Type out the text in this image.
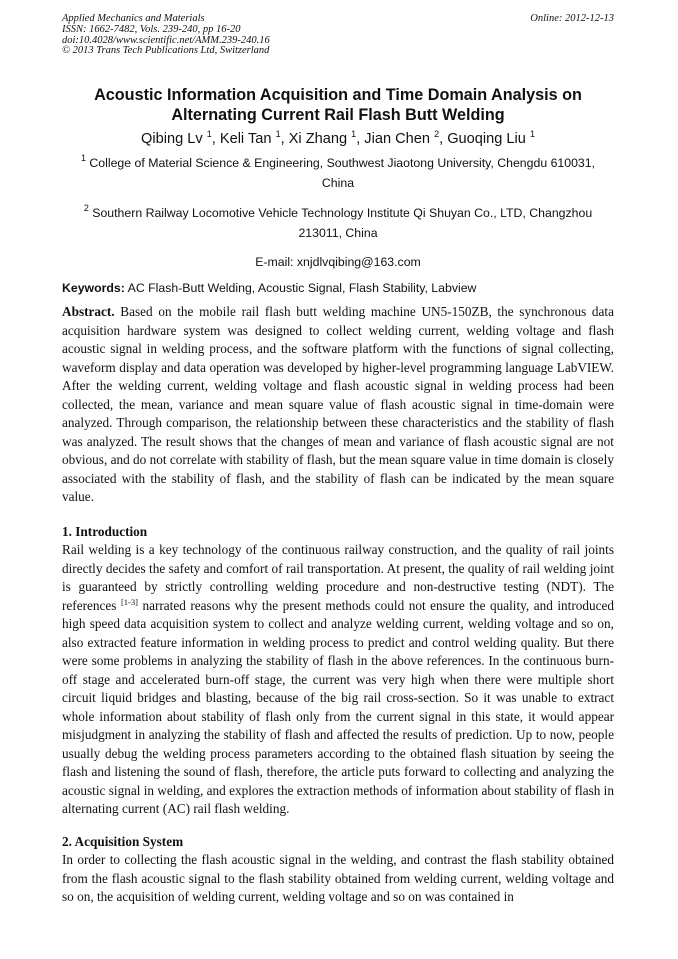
Applied Mechanics and Materials
ISSN: 1662-7482, Vols. 239-240, pp 16-20
doi:10.4028/www.scientific.net/AMM.239-240.16
© 2013 Trans Tech Publications Ltd, Switzerland
Online: 2012-12-13
Acoustic Information Acquisition and Time Domain Analysis on Alternating Current Rail Flash Butt Welding
Qibing Lv $^1$, Keli Tan $^1$, Xi Zhang $^1$, Jian Chen $^2$, Guoqing Liu $^1$
$^1$ College of Material Science & Engineering, Southwest Jiaotong University, Chengdu 610031, China
$^2$ Southern Railway Locomotive Vehicle Technology Institute Qi Shuyan Co., LTD, Changzhou 213011, China
E-mail: xnjdlvqibing@163.com
Keywords: AC Flash-Butt Welding, Acoustic Signal, Flash Stability, Labview
Abstract. Based on the mobile rail flash butt welding machine UN5-150ZB, the synchronous data acquisition hardware system was designed to collect welding current, welding voltage and flash acoustic signal in welding process, and the software platform with the functions of signal collecting, waveform display and data operation was developed by higher-level programming language LabVIEW. After the welding current, welding voltage and flash acoustic signal in welding process had been collected, the mean, variance and mean square value of flash acoustic signal in time-domain were analyzed. Through comparison, the relationship between these characteristics and the stability of flash was analyzed. The result shows that the changes of mean and variance of flash acoustic signal are not obvious, and do not correlate with stability of flash, but the mean square value in time domain is closely associated with the stability of flash, and the stability of flash can be indicated by the mean square value.
1. Introduction
Rail welding is a key technology of the continuous railway construction, and the quality of rail joints directly decides the safety and comfort of rail transportation. At present, the quality of rail welding joint is guaranteed by strictly controlling welding procedure and non-destructive testing (NDT). The references [1-3] narrated reasons why the present methods could not ensure the quality, and introduced high speed data acquisition system to collect and analyze welding current, welding voltage and so on, also extracted feature information in welding process to predict and control welding quality. But there were some problems in analyzing the stability of flash in the above references. In the continuous burn-off stage and accelerated burn-off stage, the current was very high when there were multiple short circuit liquid bridges and blasting, because of the big rail cross-section. So it was unable to extract whole information about stability of flash only from the current signal in this state, it would appear misjudgment in analyzing the stability of flash and affected the results of prediction. Up to now, people usually debug the welding process parameters according to the obtained flash situation by seeing the flash and listening the sound of flash, therefore, the article puts forward to collecting and analyzing the acoustic signal in welding, and explores the extraction methods of information about stability of flash in alternating current (AC) rail flash welding.
2. Acquisition System
In order to collecting the flash acoustic signal in the welding, and contrast the flash stability obtained from the flash acoustic signal to the flash stability obtained from welding current, welding voltage and so on, the acquisition of welding current, welding voltage and so on was contained in
